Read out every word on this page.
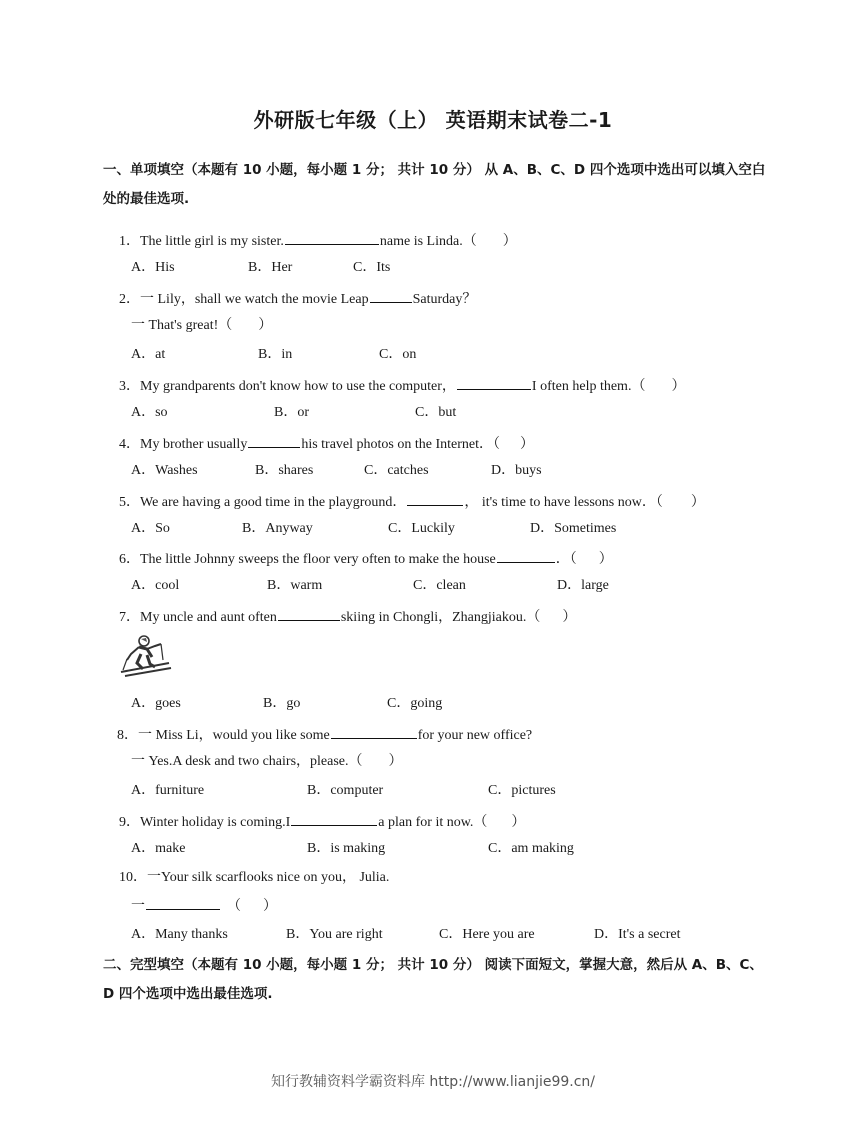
外研版七年级（上） 英语期末试卷二-1
一、单项填空（本题有 10 小题，每小题 1 分； 共计 10 分） 从 A、B、C、D 四个选项中选出可以填入空白处的最佳选项.
1．The little girl is my sister.	name is Linda.（ ）
A．His	B．Her	C．Its
2．一 Lily，shall we watch the movie Leap	Saturday？
一 That's great!（ ）
A．at	B．in	C．on
3．My grandparents don't know how to use the computer，	I often help them.（ ）
A．so	B．or	C．but
4．My brother usually	his travel photos on the Internet．（ ）
A．Washes	B．shares	C．catches	D．buys
5．We are having a good time in the playground．	， it's time to have lessons now．（ ）
A．So	B．Anyway	C．Luckily	D．Sometimes
6．The little Johnny sweeps the floor very often to make the house	．（ ）
A．cool	B．warm	C．clean	D．large
7．My uncle and aunt often	skiing in Chongli，Zhangjiakou.（ ）
A．goes	B．go	C．going
8．一 Miss Li，would you like some	for your new office?
一 Yes.A desk and two chairs，please.（ ）
A．furniture	B．computer	C．pictures
9．Winter holiday is coming.I	a plan for it now.（ ）
A．make	B．is making	C．am making
10．一Your silk scarflooks nice on you， Julia.
一	（ ）
A．Many thanks	B．You are right	C．Here you are	D．It's a secret
二、完型填空（本题有 10 小题，每小题 1 分； 共计 10 分） 阅读下面短文，掌握大意，然后从 A、B、C、D 四个选项中选出最佳选项.
知行教辅资料学霸资料库 http://www.lianjie99.cn/
